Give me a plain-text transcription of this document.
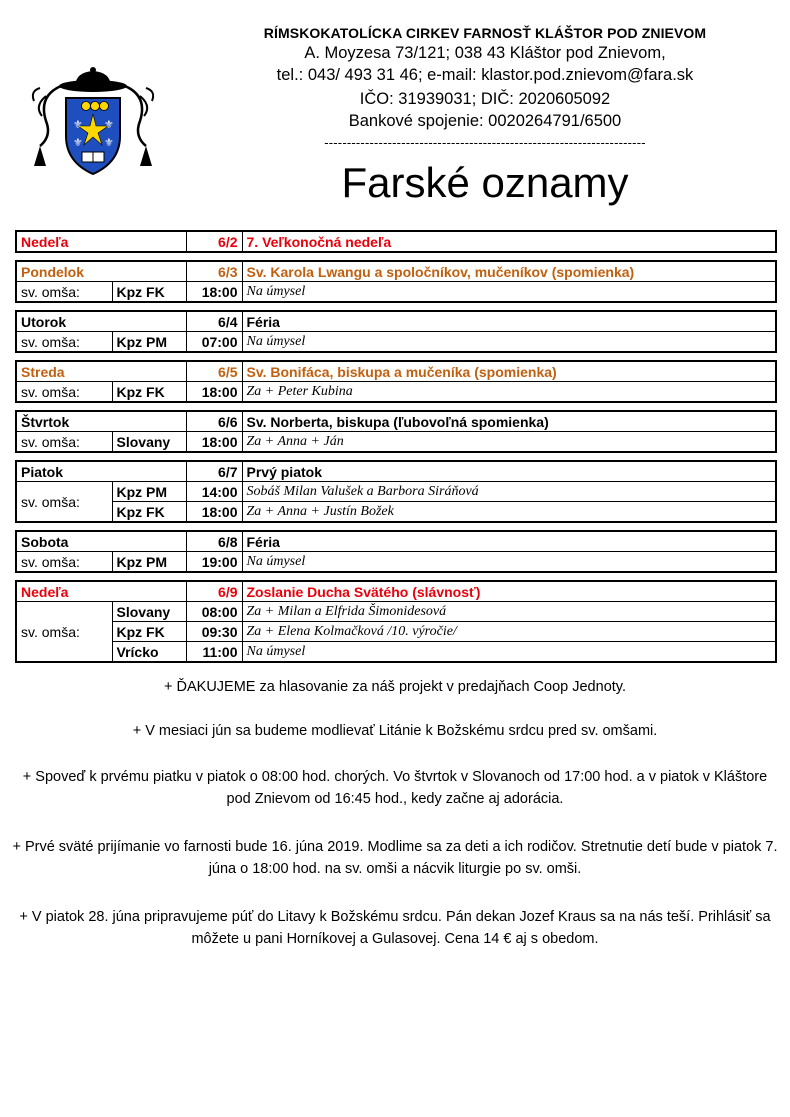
⚜ ⚜
⚜ ⚜
RÍMSKOKATOLÍCKA CIRKEV FARNOSŤ KLÁŠTOR POD ZNIEVOM
A. Moyzesa 73/121; 038 43 Kláštor pod Znievom,
tel.: 043/ 493 31 46; e-mail: klastor.pod.znievom@fara.sk
IČO: 31939031; DIČ: 2020605092
Bankové spojenie: 0020264791/6500
-----------------------------------------------------------------------
Farské oznamy
Nedeľa	6/2	7. Veľkonočná nedeľa
Pondelok		6/3	Sv. Karola Lwangu a spoločníkov, mučeníkov (spomienka)
sv. omša:	Kpz FK	18:00	Na úmysel
Utorok		6/4	Féria
sv. omša:	Kpz PM	07:00	Na úmysel
Streda		6/5	Sv. Bonifáca, biskupa a mučeníka (spomienka)
sv. omša:	Kpz FK	18:00	Za + Peter Kubina
Štvrtok		6/6	Sv. Norberta, biskupa (ľubovoľná spomienka)
sv. omša:	Slovany	18:00	Za + Anna + Ján
Piatok		6/7	Prvý piatok
sv. omša:	Kpz PM	14:00	Sobáš Milan Valušek a Barbora Siráňová
	Kpz FK	18:00	Za + Anna + Justín Božek
Sobota		6/8	Féria
sv. omša:	Kpz PM	19:00	Na úmysel
Nedeľa		6/9	Zoslanie Ducha Svätého (slávnosť)
sv. omša:	Slovany	08:00	Za + Milan a Elfrida Šimonidesová
	Kpz FK	09:30	Za + Elena Kolmačková /10. výročie/
	Vrícko	11:00	Na úmysel
+ ĎAKUJEME za hlasovanie za náš projekt v predajňach Coop Jednoty.
+ V mesiaci jún sa budeme modlievať Litánie k Božskému srdcu pred sv. omšami.
+ Spoveď k prvému piatku v piatok o 08:00 hod. chorých. Vo štvrtok v Slovanoch od 17:00 hod. a v piatok v Kláštore pod Znievom od 16:45 hod., kedy začne aj adorácia.
+ Prvé sväté prijímanie vo farnosti bude 16. júna 2019. Modlime sa za deti a ich rodičov. Stretnutie detí bude v piatok 7. júna o 18:00 hod. na sv. omši a nácvik liturgie po sv. omši.
+ V piatok 28. júna pripravujeme púť do Litavy k Božskému srdcu. Pán dekan Jozef Kraus sa na nás teší. Prihlásiť sa môžete u pani Horníkovej a Gulasovej. Cena 14 € aj s obedom.
